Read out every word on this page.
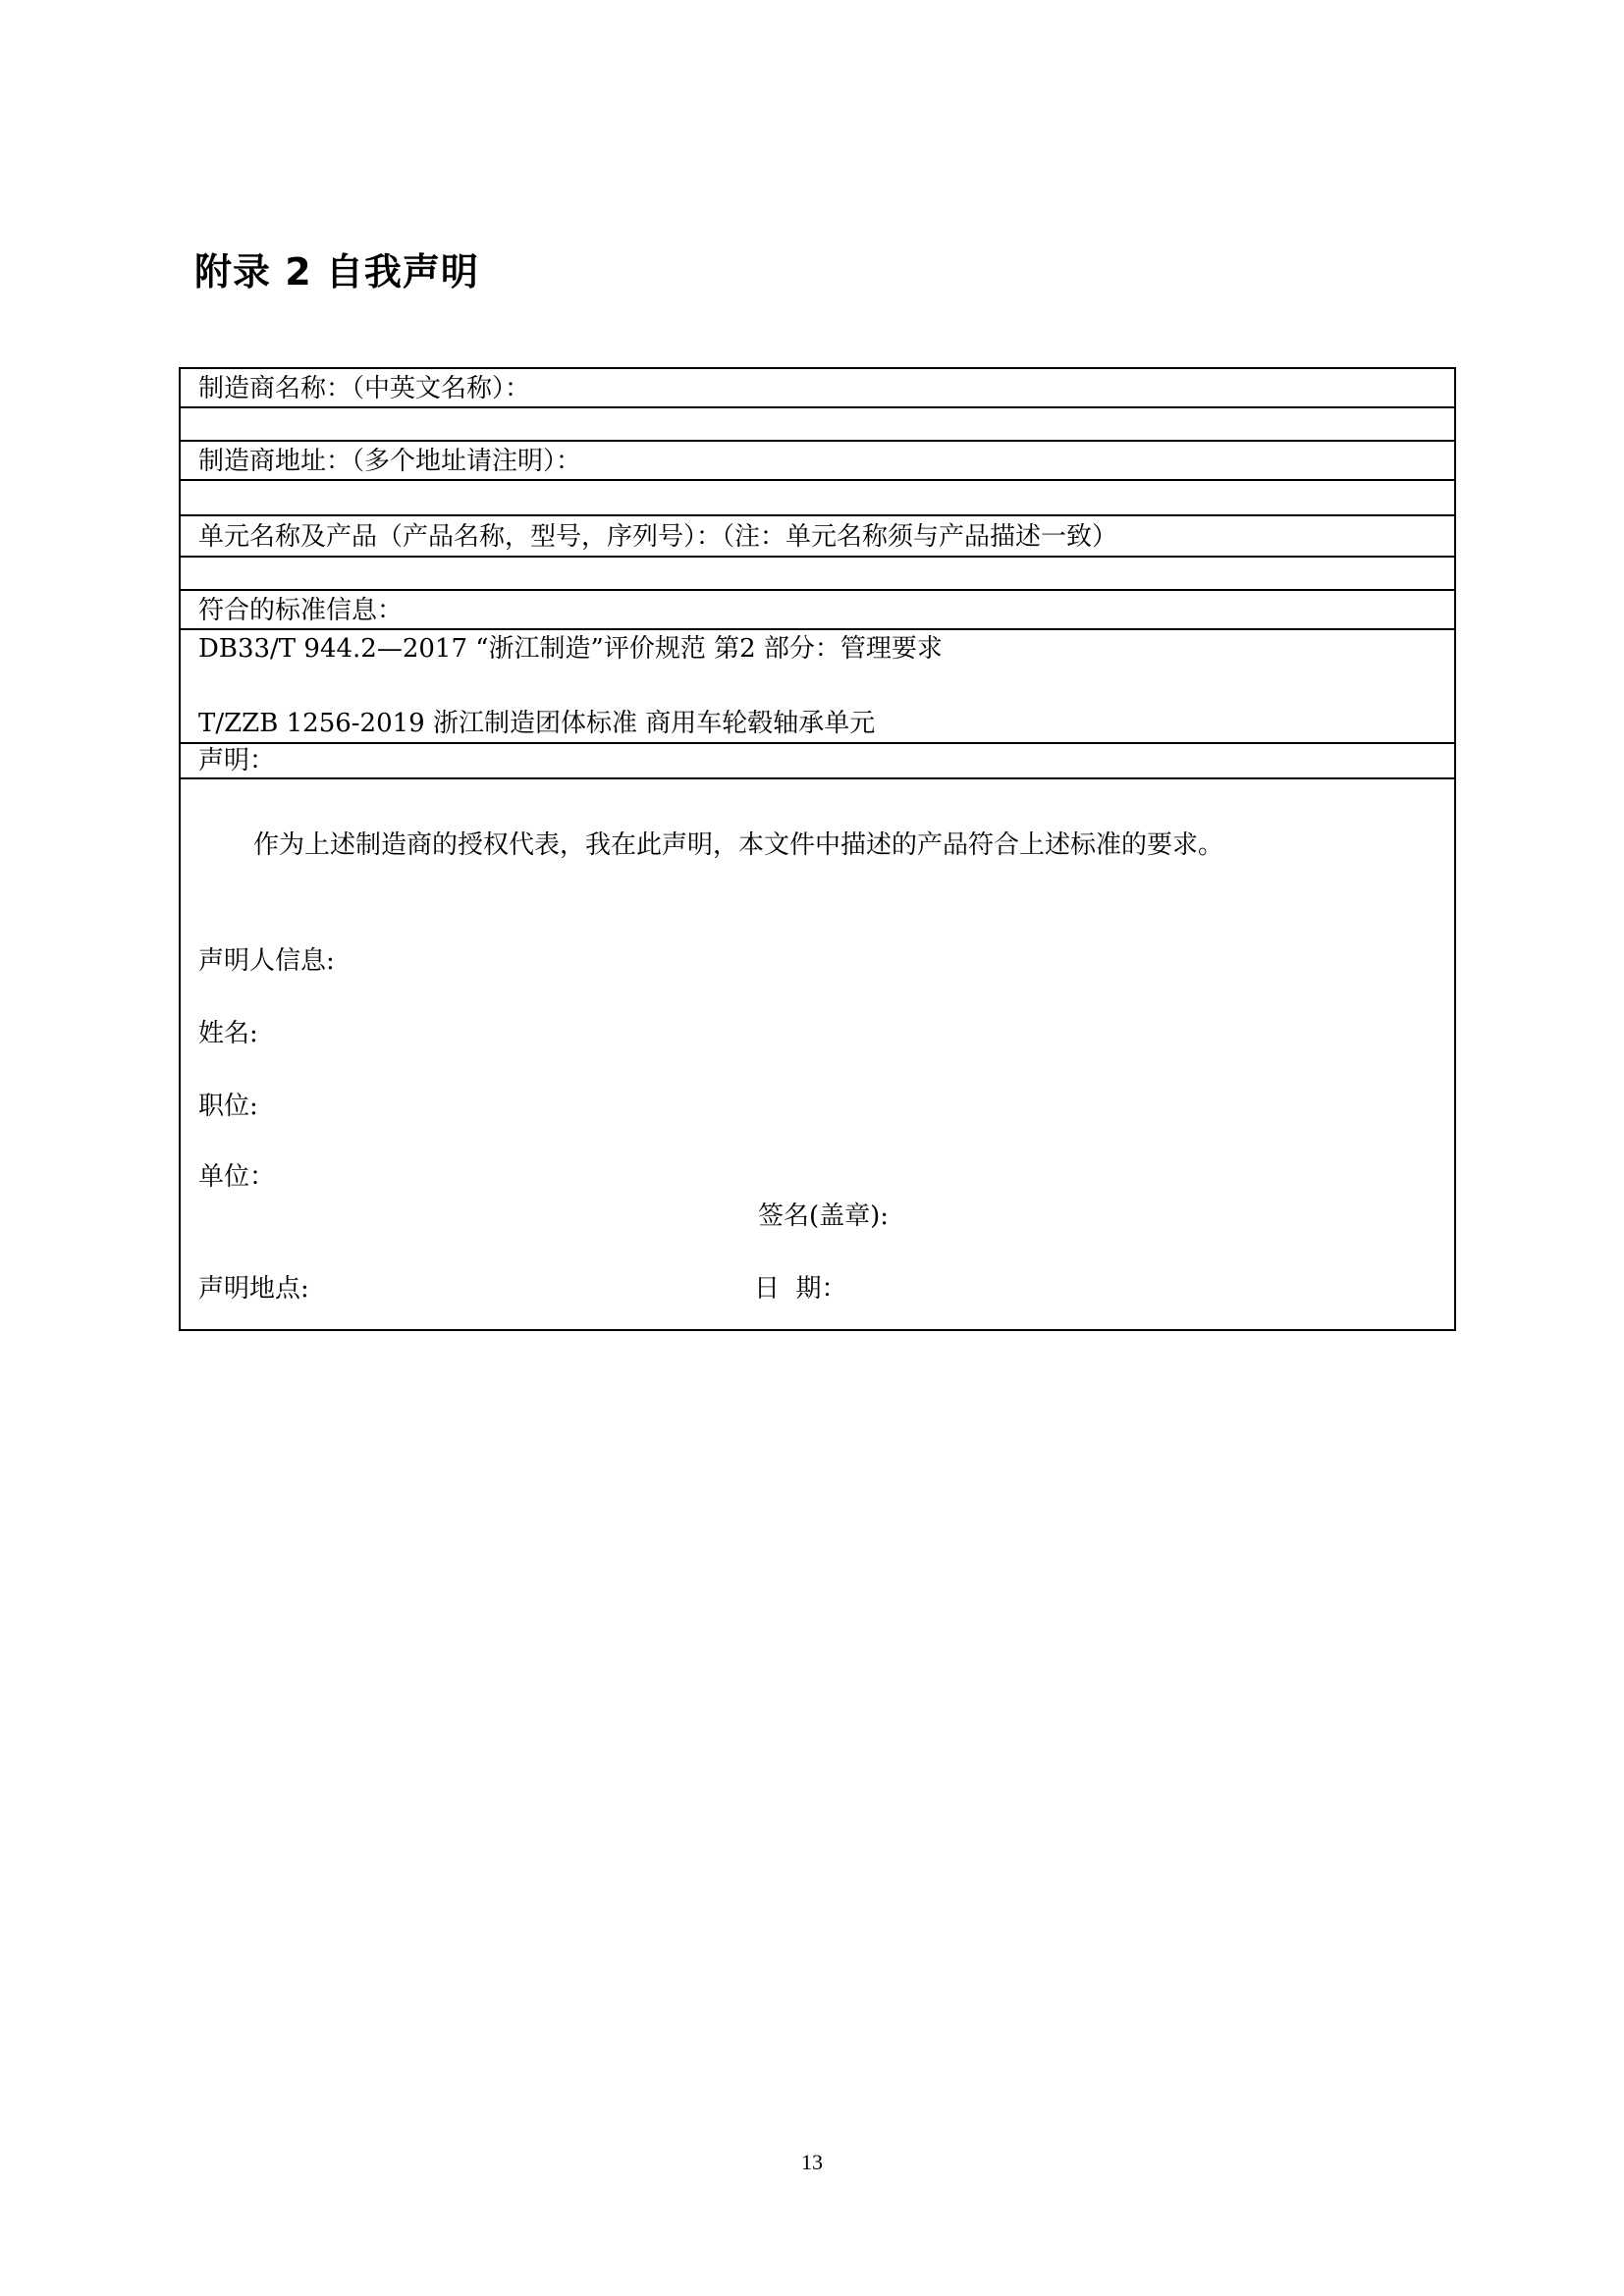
附录 2 自我声明
制造商名称：（中英文名称）：
制造商地址：（多个地址请注明）：
单元名称及产品（产品名称，型号，序列号）：（注：单元名称须与产品描述一致）
符合的标准信息：
DB33/T 944.2—2017 “浙江制造”评价规范 第2 部分：管理要求
T/ZZB 1256-2019 浙江制造团体标准 商用车轮毂轴承单元
声明：
作为上述制造商的授权代表，我在此声明，本文件中描述的产品符合上述标准的要求。
声明人信息:
姓名:
职位:
单位：
签名(盖章):
声明地点:	日  期：
13
